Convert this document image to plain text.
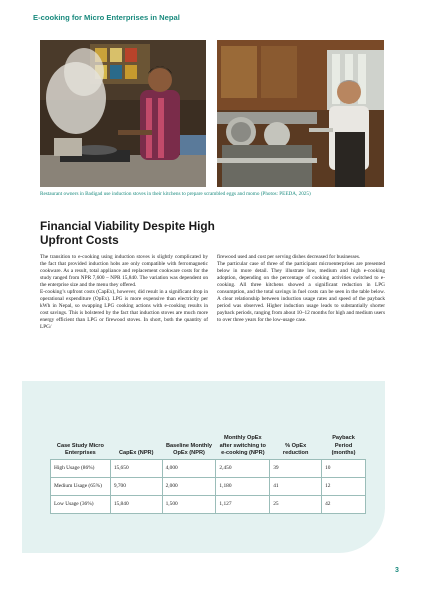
E-cooking for Micro Enterprises in Nepal
Restaurant owners in Badigad use induction stoves in their kitchens to prepare scrambled eggs and momo (Photos: PEEDA, 2025)
Financial Viability Despite High Upfront Costs

The transition to e-cooking using induction stoves is slightly complicated by the fact that provided induction hobs are only compatible with ferromagnetic cookware. As a result, total appliance and replacement cookware costs for the study ranged from NPR 7,600 – NPR 15,840. The variation was dependent on the enterprise size and the menu they offered.

E-cooking’s upfront costs (CapEx), however, did result in a significant drop in operational expenditure (OpEx). LPG is more expensive than electricity per kWh in Nepal, so swapping LPG cooking actions with e-cooking results in cost savings. This is bolstered by the fact that induction stoves are much more energy efficient than LPG or firewood stoves. In short, both the quantity of LPG/

firewood used and cost per serving dishes decreased for businesses.

The particular case of three of the participant microenterprises are presented below in more detail. They illustrate low, medium and high e-cooking adoption, depending on the percentage of cooking activities switched to e-cooking. All three kitchens showed a significant reduction in LPG consumption, and the total savings in fuel costs can be seen in the table below. A clear relationship between induction usage rates and speed of the payback period was observed. Higher induction usage leads to substantially shorter payback periods, ranging from about 10–12 months for high and medium users to over three years for the low-usage case.

Case Study Micro Enterprises	CapEx (NPR)	Baseline Monthly OpEx (NPR)	Monthly OpEx after switching to e-cooking (NPR)	% OpEx reduction	Payback Period (months)
High Usage (86%)	15,650	4,000	2,450	39	10
Medium Usage (65%)	9,700	2,000	1,180	41	12
Low Usage (36%)	15,840	1,500	1,127	25	42
3
